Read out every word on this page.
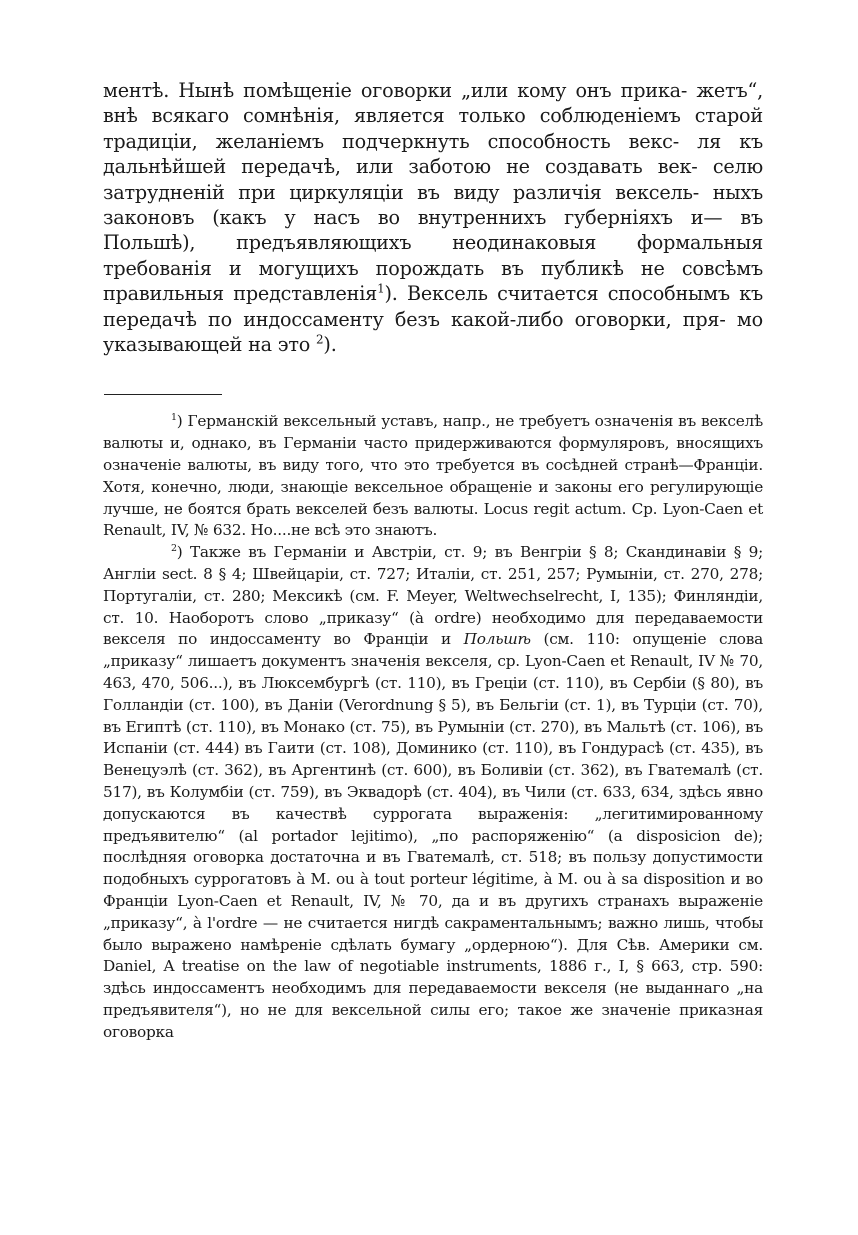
ментѣ. Нынѣ помѣщеніе оговорки „или кому онъ прика- жетъ“, внѣ всякаго сомнѣнія, является только соблюденіемъ старой традиціи, желаніемъ подчеркнуть способность векс- ля къ дальнѣйшей передачѣ, или заботою не создавать век- селю затрудненій при циркуляціи въ виду различія вексель- ныхъ законовъ (какъ у насъ во внутреннихъ губерніяхъ и— въ Польшѣ), предъявляющихъ неодинаковыя формальныя требованія и могущихъ порождать въ публикѣ не совсѣмъ правильныя представленія$^1$). Вексель считается способнымъ къ передачѣ по индоссаменту безъ какой-либо оговорки, пря- мо указывающей на это $^2$).

$^1$) Германскій вексельный уставъ, напр., не требуетъ означенія въ векселѣ валюты и, однако, въ Германіи часто придерживаются формуляровъ, вносящихъ означеніе валюты, въ виду того, что это требуется въ сосѣдней странѣ—Франціи. Хотя, конечно, люди, знающіе вексельное обращеніе и законы его регулирующіе лучше, не боятся брать векселей безъ валюты. Locus regit actum. Ср. Lyon-Caen et Renault, IV, № 632. Но....не всѣ это знаютъ.

$^2$) Также въ Германіи и Австріи, ст. 9; въ Венгріи § 8; Скандинавіи § 9; Англіи sect. 8 § 4; Швейцаріи, ст. 727; Италіи, ст. 251, 257; Румыніи, ст. 270, 278; Португаліи, ст. 280; Мексикѣ (см. F. Meyer, Weltwechselrecht, I, 135); Финляндіи, ст. 10. Наоборотъ слово „приказу“ (à ordre) необходимо для передаваемости векселя по индоссаменту во Франціи и Польшѣ (см. 110: опущеніе слова „приказу“ лишаетъ документъ значенія векселя, ср. Lyon-Caen et Renault, IV № 70, 463, 470, 506...), въ Люксембургѣ (ст. 110), въ Греціи (ст. 110), въ Сербіи (§ 80), въ Голландіи (ст. 100), въ Даніи (Verordnung § 5), въ Бельгіи (ст. 1), въ Турціи (ст. 70), въ Египтѣ (ст. 110), въ Монако (ст. 75), въ Румыніи (ст. 270), въ Мальтѣ (ст. 106), въ Испаніи (ст. 444) въ Гаити (ст. 108), Доминико (ст. 110), въ Гондурасѣ (ст. 435), въ Венецуэлѣ (ст. 362), въ Аргентинѣ (ст. 600), въ Боливіи (ст. 362), въ Гватемалѣ (ст. 517), въ Колумбіи (ст. 759), въ Эквадорѣ (ст. 404), въ Чили (ст. 633, 634, здѣсь явно допускаются въ качествѣ суррогата выраженія: „легитимированному предъявителю“ (al portador lejitimo), „по распоряженію“ (a disposicion de); послѣдняя оговорка достаточна и въ Гватемалѣ, ст. 518; въ пользу допустимости подобныхъ суррогатовъ à M. ou à tout porteur légitime, à M. ou à sa disposition и во Франціи Lyon-Caen et Renault, IV, № 70, да и въ другихъ странахъ выраженіе „приказу“, à l'ordre — не считается нигдѣ сакраментальнымъ; важно лишь, чтобы было выражено намѣреніе сдѣлать бумагу „ордерною“). Для Сѣв. Америки см. Daniel, A treatise on the law of negotiable instruments, 1886 г., I, § 663, стр. 590: здѣсь индоссаментъ необходимъ для передаваемости векселя (не выданнаго „на предъявителя“), но не для вексельной силы его; такое же значеніе приказная оговорка
